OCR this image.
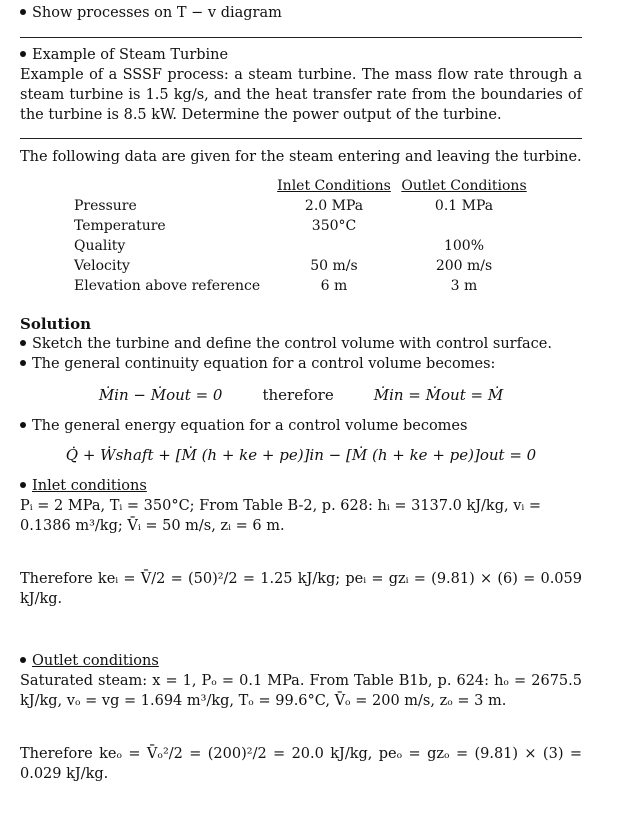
Show processes on T − v diagram
Example of Steam Turbine
Example of a SSSF process: a steam turbine. The mass flow rate through a steam turbine is 1.5 kg/s, and the heat transfer rate from the boundaries of the turbine is 8.5 kW. Determine the power output of the turbine.
The following data are given for the steam entering and leaving the turbine.
	Inlet Conditions	Outlet Conditions
Pressure	2.0 MPa	0.1 MPa
Temperature	350°C	
Quality		100%
Velocity	50 m/s	200 m/s
Elevation above reference	6 m	3 m
Solution
Sketch the turbine and define the control volume with control surface.
The general continuity equation for a control volume becomes:
Ṁin − Ṁout = 0	therefore	Ṁin = Ṁout = Ṁ
The general energy equation for a control volume becomes
Q̇ + Ẇshaft + [Ṁ (h + ke + pe)]in − [Ṁ (h + ke + pe)]out = 0
Inlet conditions
Pᵢ = 2 MPa, Tᵢ = 350°C; From Table B-2, p. 628: hᵢ = 3137.0 kJ/kg, vᵢ = 0.1386 m³/kg; V̄ᵢ = 50 m/s, zᵢ = 6 m.
Therefore keᵢ = V̄/2 = (50)²/2 = 1.25 kJ/kg; peᵢ = gzᵢ = (9.81) × (6) = 0.059 kJ/kg.
Outlet conditions
Saturated steam: x = 1, Pₒ = 0.1 MPa. From Table B1b, p. 624: hₒ = 2675.5 kJ/kg, vₒ = vg = 1.694 m³/kg, Tₒ = 99.6°C, V̄ₒ = 200 m/s, zₒ = 3 m.
Therefore keₒ = V̄ₒ²/2 = (200)²/2 = 20.0 kJ/kg, peₒ = gzₒ = (9.81) × (3) = 0.029 kJ/kg.
